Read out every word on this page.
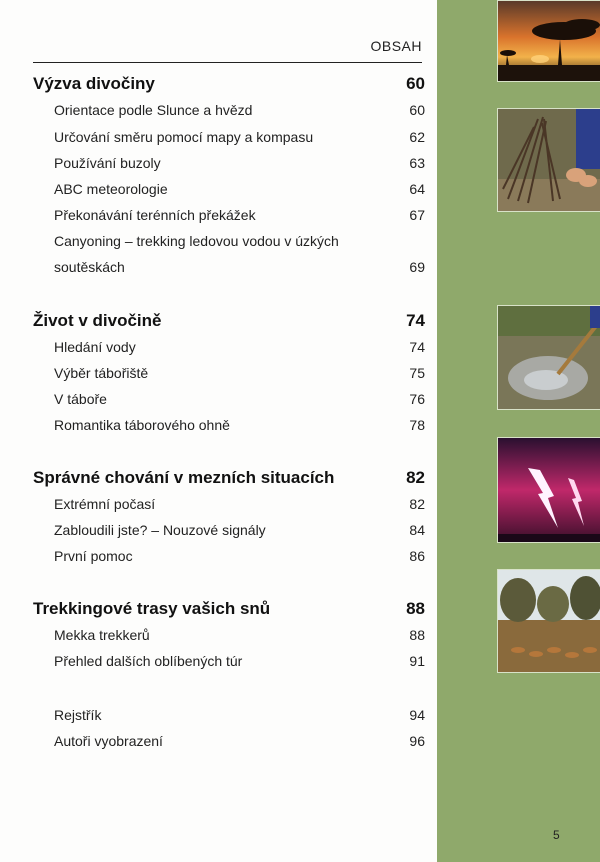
OBSAH
Výzva divočiny	60
Orientace podle Slunce a hvězd	60
Určování směru pomocí mapy a kompasu	62
Používání buzoly	63
ABC meteorologie	64
Překonávání terénních překážek	67
Canyoning – trekking ledovou vodou v úzkých
soutěskách	69
Život v divočině	74
Hledání vody	74
Výběr tábořiště	75
V táboře	76
Romantika táborového ohně	78
Správné chování v mezních situacích	82
Extrémní počasí	82
Zabloudili jste? – Nouzové signály	84
První pomoc	86
Trekkingové trasy vašich snů	88
Mekka trekkerů	88
Přehled dalších oblíbených túr	91
Rejstřík	94
Autoři vyobrazení	96
5
